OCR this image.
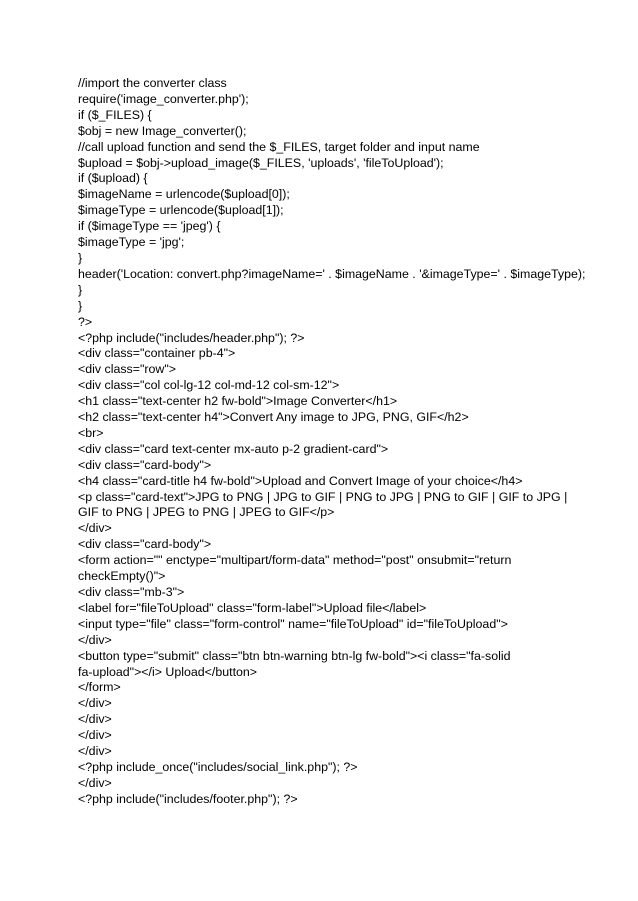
//import the converter class
require('image_converter.php');
if ($_FILES) {
$obj = new Image_converter();
//call upload function and send the $_FILES, target folder and input name
$upload = $obj->upload_image($_FILES, 'uploads', 'fileToUpload');
if ($upload) {
$imageName = urlencode($upload[0]);
$imageType = urlencode($upload[1]);
if ($imageType == 'jpeg') {
$imageType = 'jpg';
}
header('Location: convert.php?imageName=' . $imageName . '&imageType=' . $imageType);
}
}
?>
<?php include("includes/header.php"); ?>
<div class="container pb-4">
<div class="row">
<div class="col col-lg-12 col-md-12 col-sm-12">
<h1 class="text-center h2 fw-bold">Image Converter</h1>
<h2 class="text-center h4">Convert Any image to JPG, PNG, GIF</h2>
<br>
<div class="card text-center mx-auto p-2 gradient-card">
<div class="card-body">
<h4 class="card-title h4 fw-bold">Upload and Convert Image of your choice</h4>
<p class="card-text">JPG to PNG | JPG to GIF | PNG to JPG | PNG to GIF | GIF to JPG |
GIF to PNG | JPEG to PNG | JPEG to GIF</p>
</div>
<div class="card-body">
<form action="" enctype="multipart/form-data" method="post" onsubmit="return
checkEmpty()">
<div class="mb-3">
<label for="fileToUpload" class="form-label">Upload file</label>
<input type="file" class="form-control" name="fileToUpload" id="fileToUpload">
</div>
<button type="submit" class="btn btn-warning btn-lg fw-bold"><i class="fa-solid
fa-upload"></i> Upload</button>
</form>
</div>
</div>
</div>
</div>
<?php include_once("includes/social_link.php"); ?>
</div>
<?php include("includes/footer.php"); ?>
